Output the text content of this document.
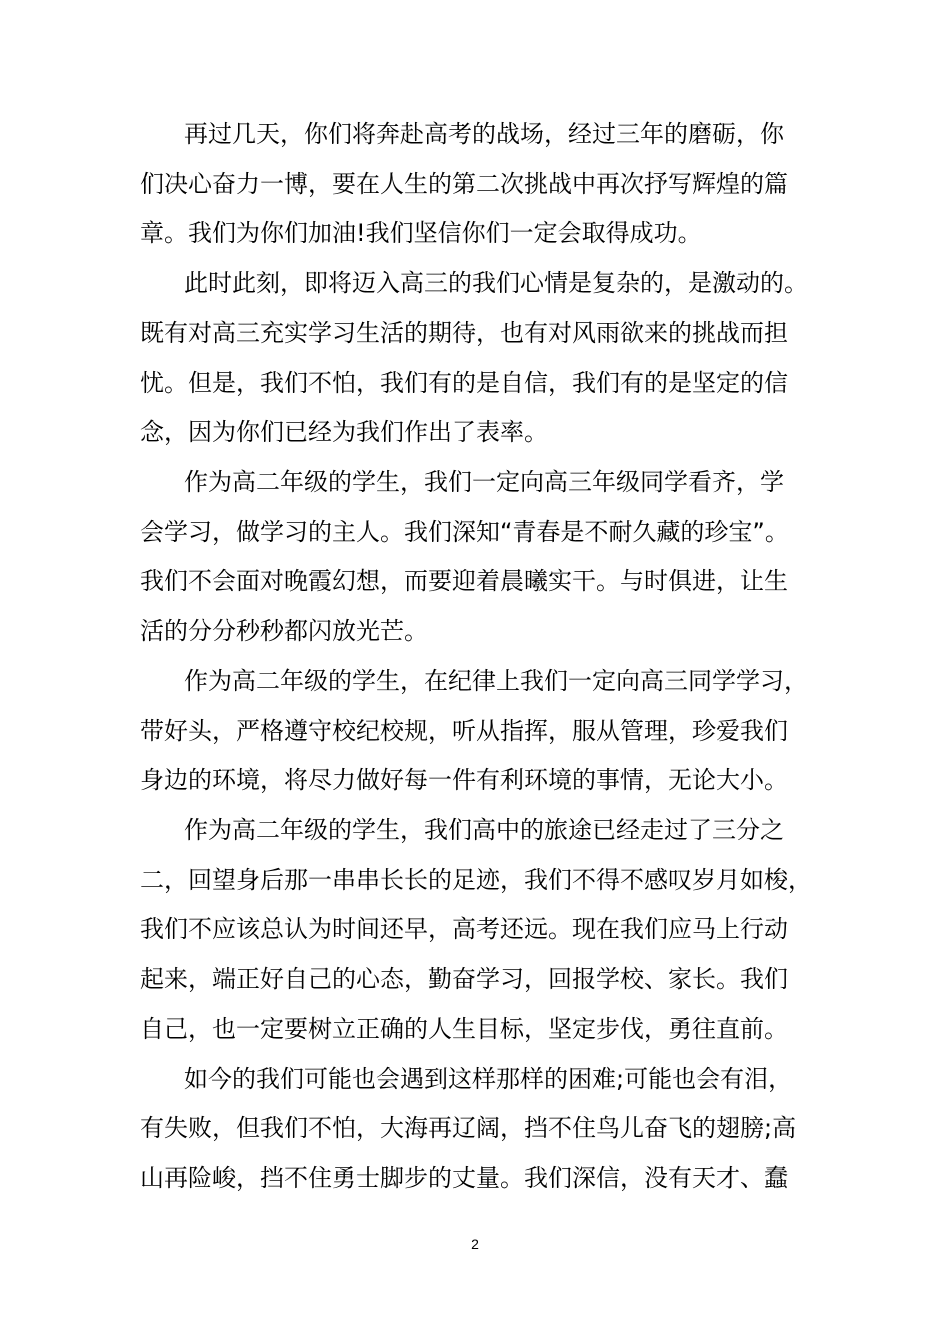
再过几天，你们将奔赴高考的战场，经过三年的磨砺，你
们决心奋力一博，要在人生的第二次挑战中再次抒写辉煌的篇
章。我们为你们加油!我们坚信你们一定会取得成功。
此时此刻，即将迈入高三的我们心情是复杂的，是激动的。
既有对高三充实学习生活的期待，也有对风雨欲来的挑战而担
忧。但是，我们不怕，我们有的是自信，我们有的是坚定的信
念，因为你们已经为我们作出了表率。
作为高二年级的学生，我们一定向高三年级同学看齐，学
会学习，做学习的主人。我们深知“青春是不耐久藏的珍宝”。
我们不会面对晚霞幻想，而要迎着晨曦实干。与时俱进，让生
活的分分秒秒都闪放光芒。
作为高二年级的学生，在纪律上我们一定向高三同学学习，
带好头，严格遵守校纪校规，听从指挥，服从管理，珍爱我们
身边的环境，将尽力做好每一件有利环境的事情，无论大小。
作为高二年级的学生，我们高中的旅途已经走过了三分之
二，回望身后那一串串长长的足迹，我们不得不感叹岁月如梭，
我们不应该总认为时间还早，高考还远。现在我们应马上行动
起来，端正好自己的心态，勤奋学习，回报学校、家长。我们
自己，也一定要树立正确的人生目标，坚定步伐，勇往直前。
如今的我们可能也会遇到这样那样的困难;可能也会有泪，
有失败，但我们不怕，大海再辽阔，挡不住鸟儿奋飞的翅膀;高
山再险峻，挡不住勇士脚步的丈量。我们深信，没有天才、蠢
2
